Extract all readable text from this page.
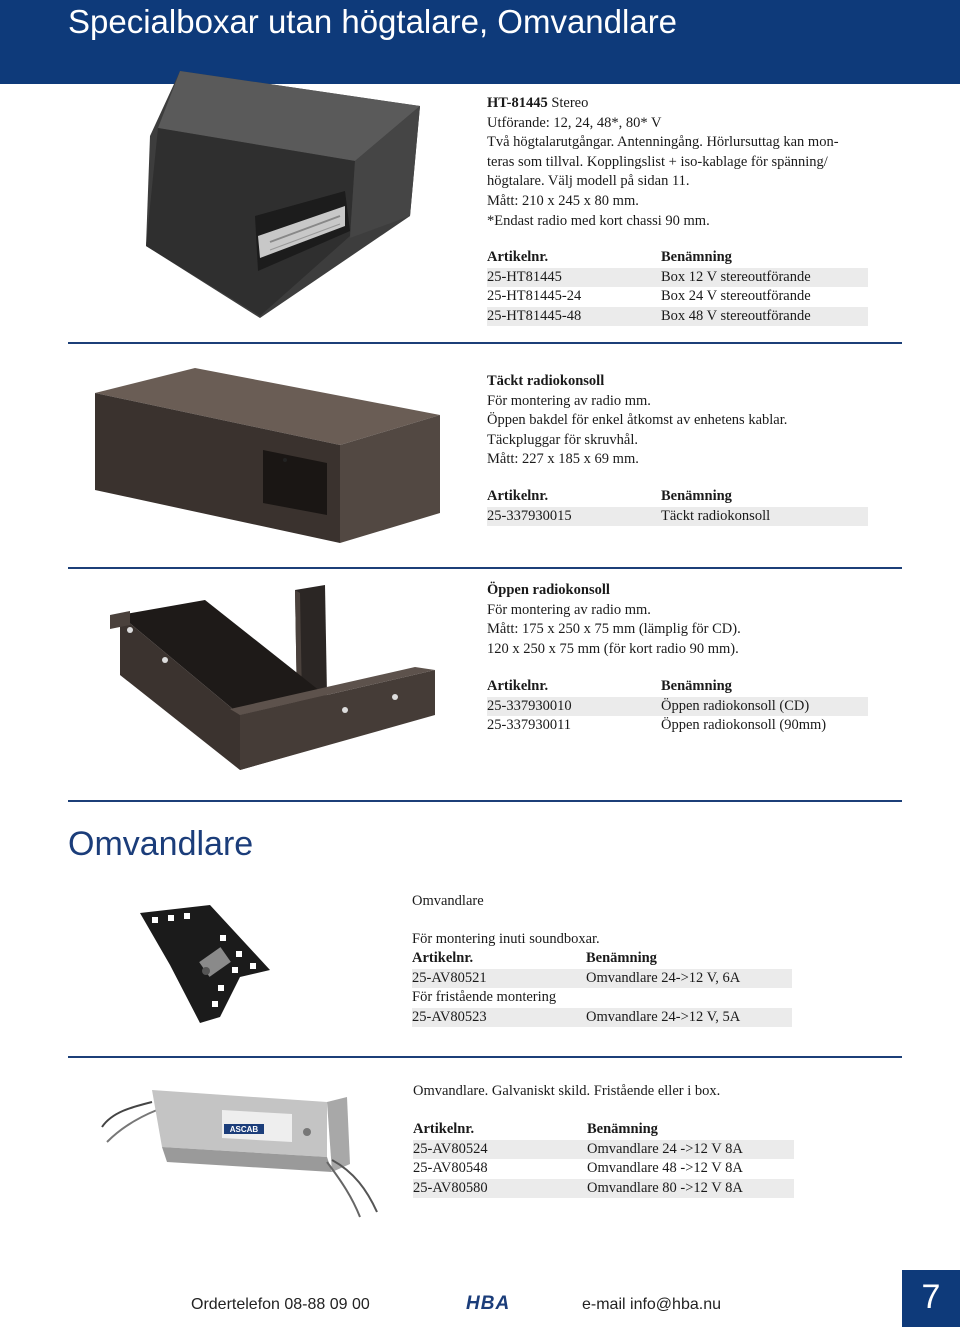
Specialboxar utan högtalare, Omvandlare

HT-81445 Stereo

Utförande: 12, 24, 48*, 80* V

Två högtalarutgångar. Antenningång. Hörlursuttag kan mon-

teras som tillval. Kopplingslist + iso-kablage för spänning/

högtalare. Välj modell på sidan 11.

Mått: 210 x 245 x 80 mm.

*Endast radio med kort chassi 90 mm.

Artikelnr.	Benämning
25-HT81445	Box 12 V stereoutförande
25-HT81445-24	Box 24 V stereoutförande
25-HT81445-48	Box 48 V stereoutförande

Täckt radiokonsoll

För montering av radio mm.

Öppen bakdel för enkel åtkomst av enhetens kablar.

Täckpluggar för skruvhål.

Mått: 227 x 185 x 69 mm.

Artikelnr.	Benämning
25-337930015	Täckt radiokonsoll

Öppen radiokonsoll

För montering av radio mm.

Mått: 175 x 250 x 75 mm (lämplig för CD).

120 x 250 x 75 mm (för kort radio 90 mm).

Artikelnr.	Benämning
25-337930010	Öppen radiokonsoll (CD)
25-337930011	Öppen radiokonsoll (90mm)
Omvandlare

Omvandlare

För montering inuti soundboxar.

Artikelnr.	Benämning
25-AV80521	Omvandlare 24->12 V, 6A
För fristående montering	
25-AV80523	Omvandlare 24->12 V, 5A
ASCAB

Omvandlare. Galvaniskt skild. Fristående eller i box.

Artikelnr.	Benämning
25-AV80524	Omvandlare 24 ->12 V 8A
25-AV80548	Omvandlare 48 ->12 V 8A
25-AV80580	Omvandlare 80 ->12 V 8A
Ordertelefon 08-88 09 00	HBA	e-mail info@hba.nu	7
